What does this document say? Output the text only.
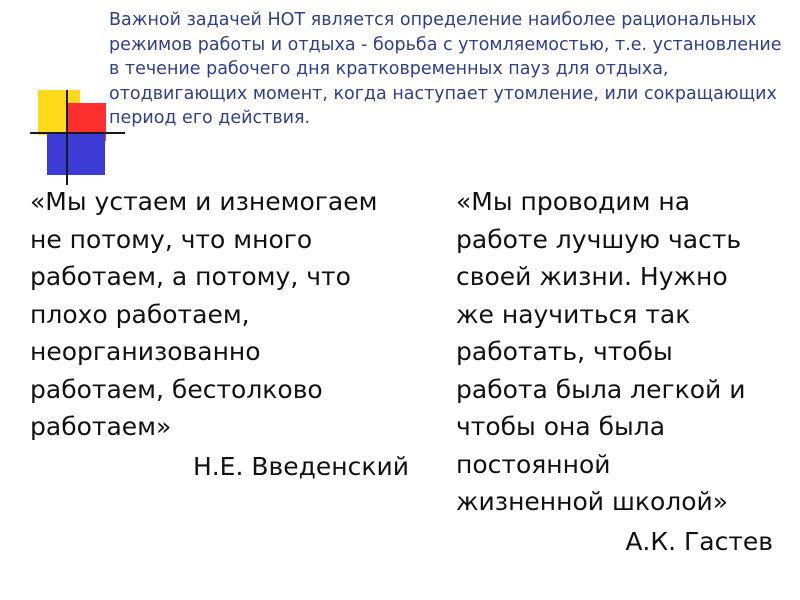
Важной задачей НОТ является определение наиболее рациональных режимов работы и отдыха - борьба с утомляемостью, т.е. установление в течение рабочего дня кратковременных пауз для отдыха, отодвигающих момент, когда наступает утомление, или сокращающих период его действия.

«Мы устаем и изнемогаем
не потому, что много
работаем, а потому, что
плохо работаем,
неорганизованно
работаем, бестолково
работаем»

Н.Е. Введенский

«Мы проводим на
работе лучшую часть
своей жизни. Нужно
же научиться так
работать, чтобы
работа была легкой и
чтобы она была
постоянной
жизненной школой»

А.К. Гастев
